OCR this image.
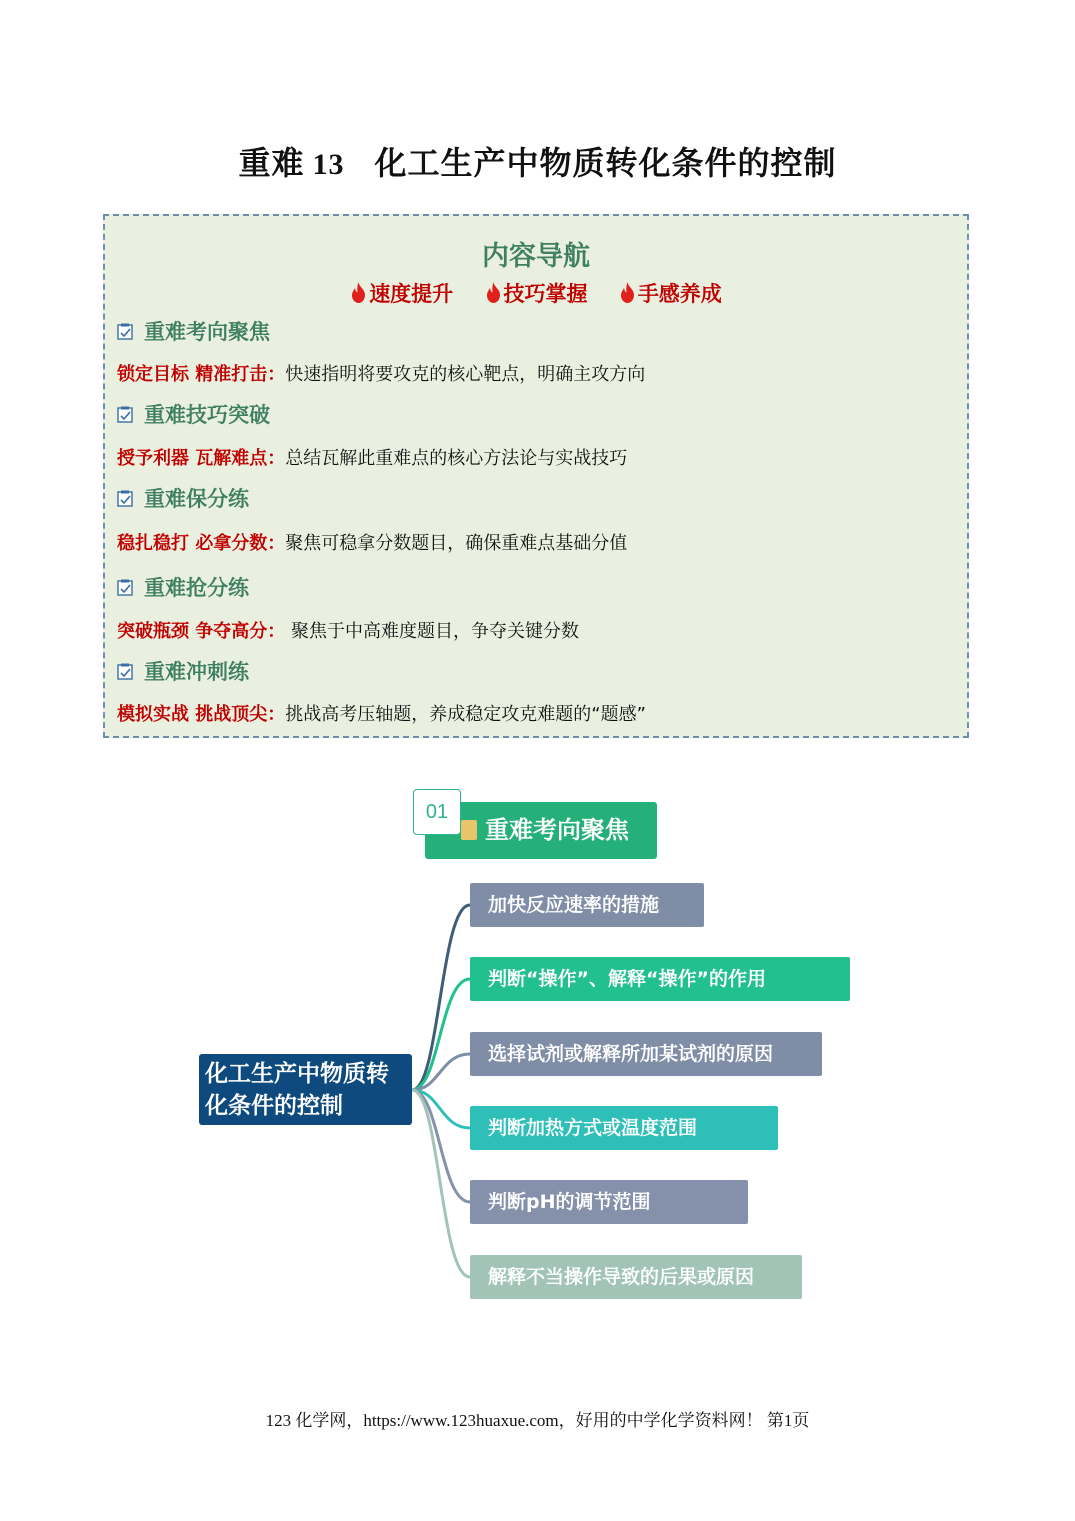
重难 13 化工生产中物质转化条件的控制
内容导航
速度提升 技巧掌握 手感养成
重难考向聚焦
锁定目标 精准打击：快速指明将要攻克的核心靶点，明确主攻方向
重难技巧突破
授予利器 瓦解难点：总结瓦解此重难点的核心方法论与实战技巧
重难保分练
稳扎稳打 必拿分数：聚焦可稳拿分数题目，确保重难点基础分值
重难抢分练
突破瓶颈 争夺高分： 聚焦于中高难度题目，争夺关键分数
重难冲刺练
模拟实战 挑战顶尖：挑战高考压轴题，养成稳定攻克难题的“题感”
重难考向聚焦
01
化工生产中物质转化条件的控制
加快反应速率的措施
判断“操作”、解释“操作”的作用
选择试剂或解释所加某试剂的原因
判断加热方式或温度范围
判断pH的调节范围
解释不当操作导致的后果或原因
123 化学网，https://www.123huaxue.com，好用的中学化学资料网！ 第1页
